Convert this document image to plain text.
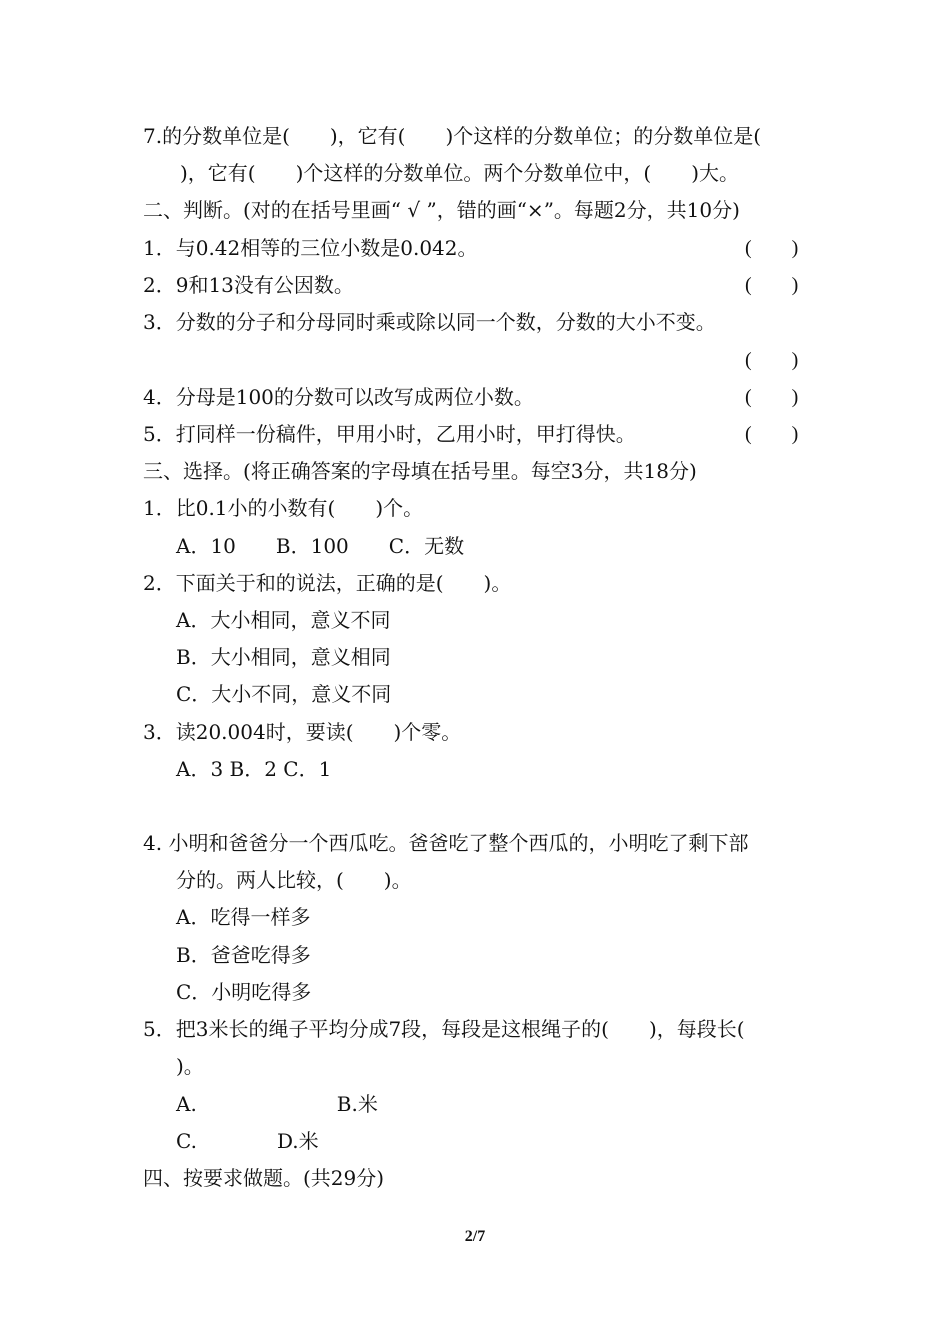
7.的分数单位是(　　)，它有(　　)个这样的分数单位；的分数单位是(
　)，它有(　　)个这样的分数单位。两个分数单位中，(　　)大。
二、判断。(对的在括号里画“ √ ”，错的画“×”。每题2分，共10分)
1．与0.42相等的三位小数是0.042。	(　　)
2．9和13没有公因数。	(　　)
3．分数的分子和分母同时乘或除以同一个数，分数的大小不变。
(　　)
4．分母是100的分数可以改写成两位小数。	(　　)
5．打同样一份稿件，甲用小时，乙用小时，甲打得快。	(　　)
三、选择。(将正确答案的字母填在括号里。每空3分，共18分)
1．比0.1小的小数有(　　)个。
A．10　　B．100　　C．无数
2．下面关于和的说法，正确的是(　　)。
A．大小相同，意义不同
B．大小相同，意义相同
C．大小不同，意义不同
3．读20.004时，要读(　　)个零。
A．3 B．2 C．1
4. 小明和爸爸分一个西瓜吃。爸爸吃了整个西瓜的，小明吃了剩下部
分的。两人比较，(　　)。
A．吃得一样多
B．爸爸吃得多
C．小明吃得多
5．把3米长的绳子平均分成7段，每段是这根绳子的(　　)，每段长(
)。
A.　　　　　　　B.米
C.　　　　D.米
四、按要求做题。(共29分)
2/7
